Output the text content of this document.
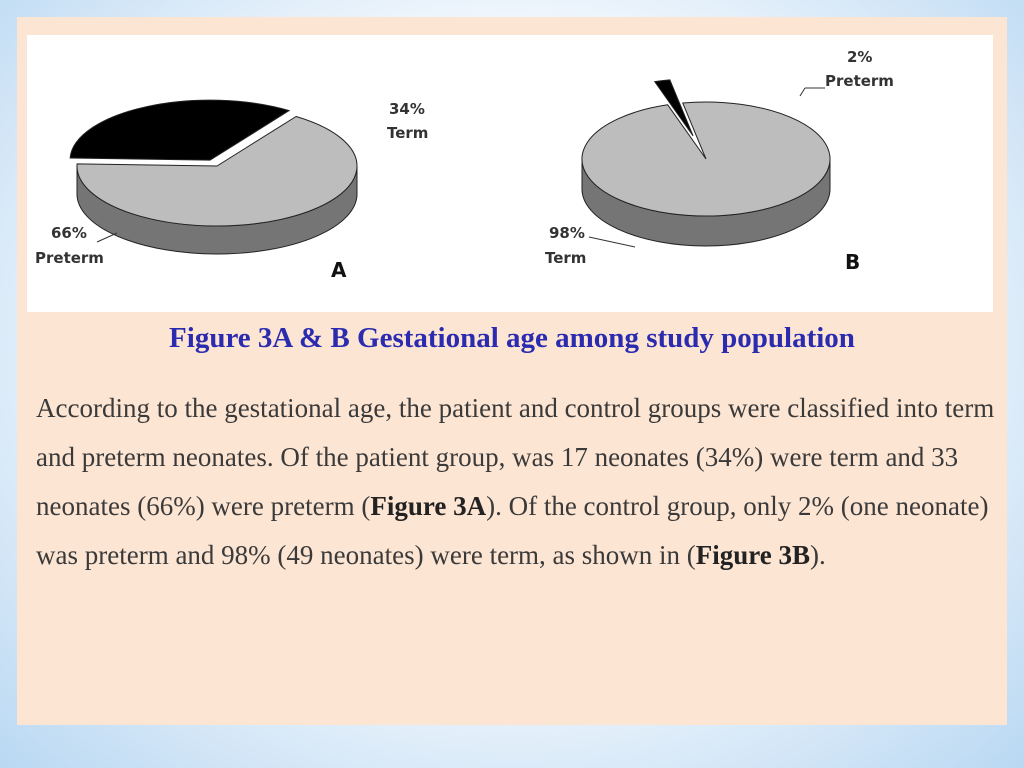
66%
Preterm
34%
Term
A
2%
Preterm
98%
Term	B
Figure 3A & B Gestational age among study population
According to the gestational age, the patient and control groups were classified into term and preterm neonates. Of the patient group, was 17 neonates (34%) were term and 33 neonates (66%) were preterm (Figure 3A). Of the control group, only 2% (one neonate) was preterm and 98% (49 neonates) were term, as shown in (Figure 3B).
